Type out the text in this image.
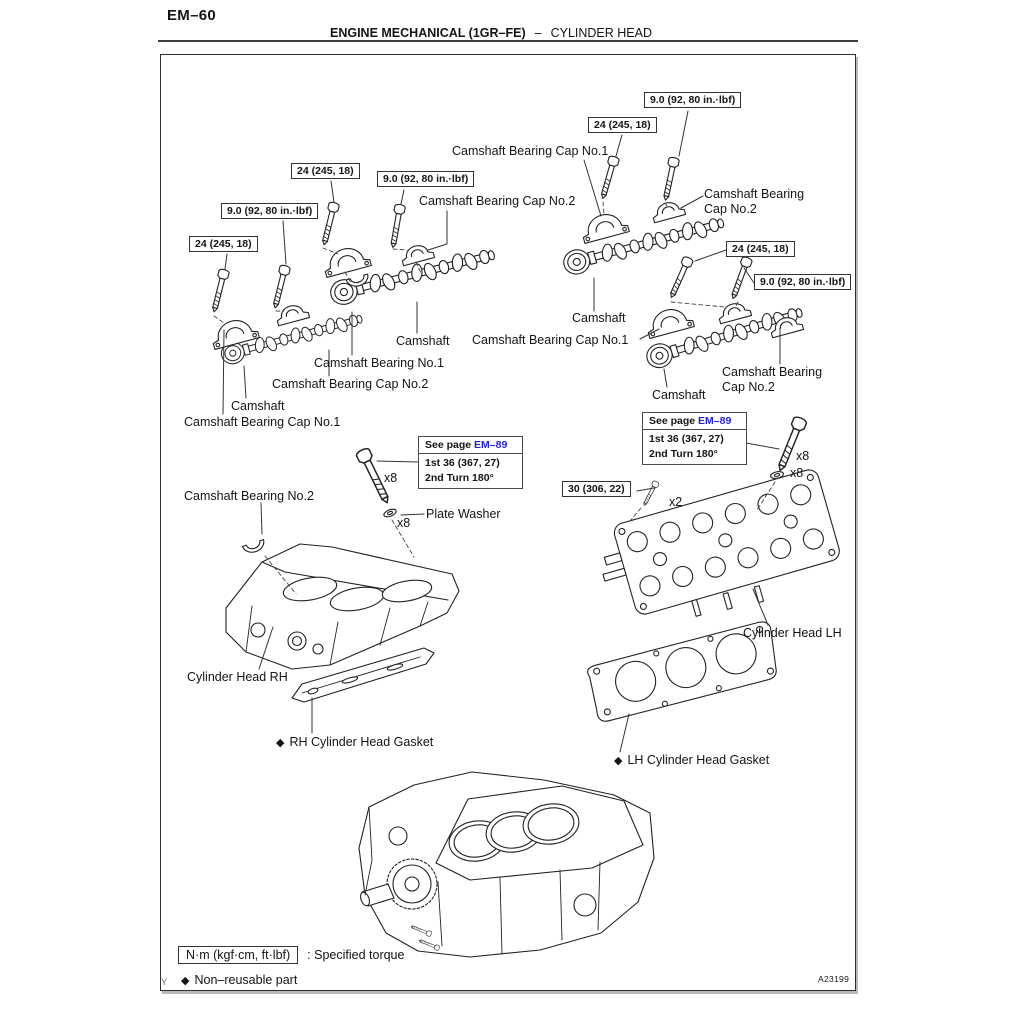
EM–60
ENGINE MECHANICAL (1GR–FE) – CYLINDER HEAD
24 (245, 18)
9.0 (92, 80 in.·lbf)
9.0 (92, 80 in.·lbf)
24 (245, 18)
24 (245, 18)
9.0 (92, 80 in.·lbf)
24 (245, 18)
9.0 (92, 80 in.·lbf)
30 (306, 22)
See page EM–89
1st 36 (367, 27)
2nd Turn 180°
See page EM–89
1st 36 (367, 27)
2nd Turn 180°
Camshaft Bearing Cap No.1
Camshaft Bearing Cap No.2	Camshaft Bearing
Cap No.2
Camshaft
Camshaft Bearing Cap No.1
Camshaft
Camshaft Bearing No.1
Camshaft Bearing Cap No.2
Camshaft
Camshaft Bearing Cap No.1
Camshaft
Camshaft Bearing
Cap No.2
Camshaft Bearing No.2
Plate Washer
Cylinder Head RH
Cylinder Head LH
◆ RH Cylinder Head Gasket
◆ LH Cylinder Head Gasket
x8
x8
x8
x8
x2
N·m (kgf·cm, ft·lbf)	: Specified torque
◆ Non–reusable part	A23199
Y
